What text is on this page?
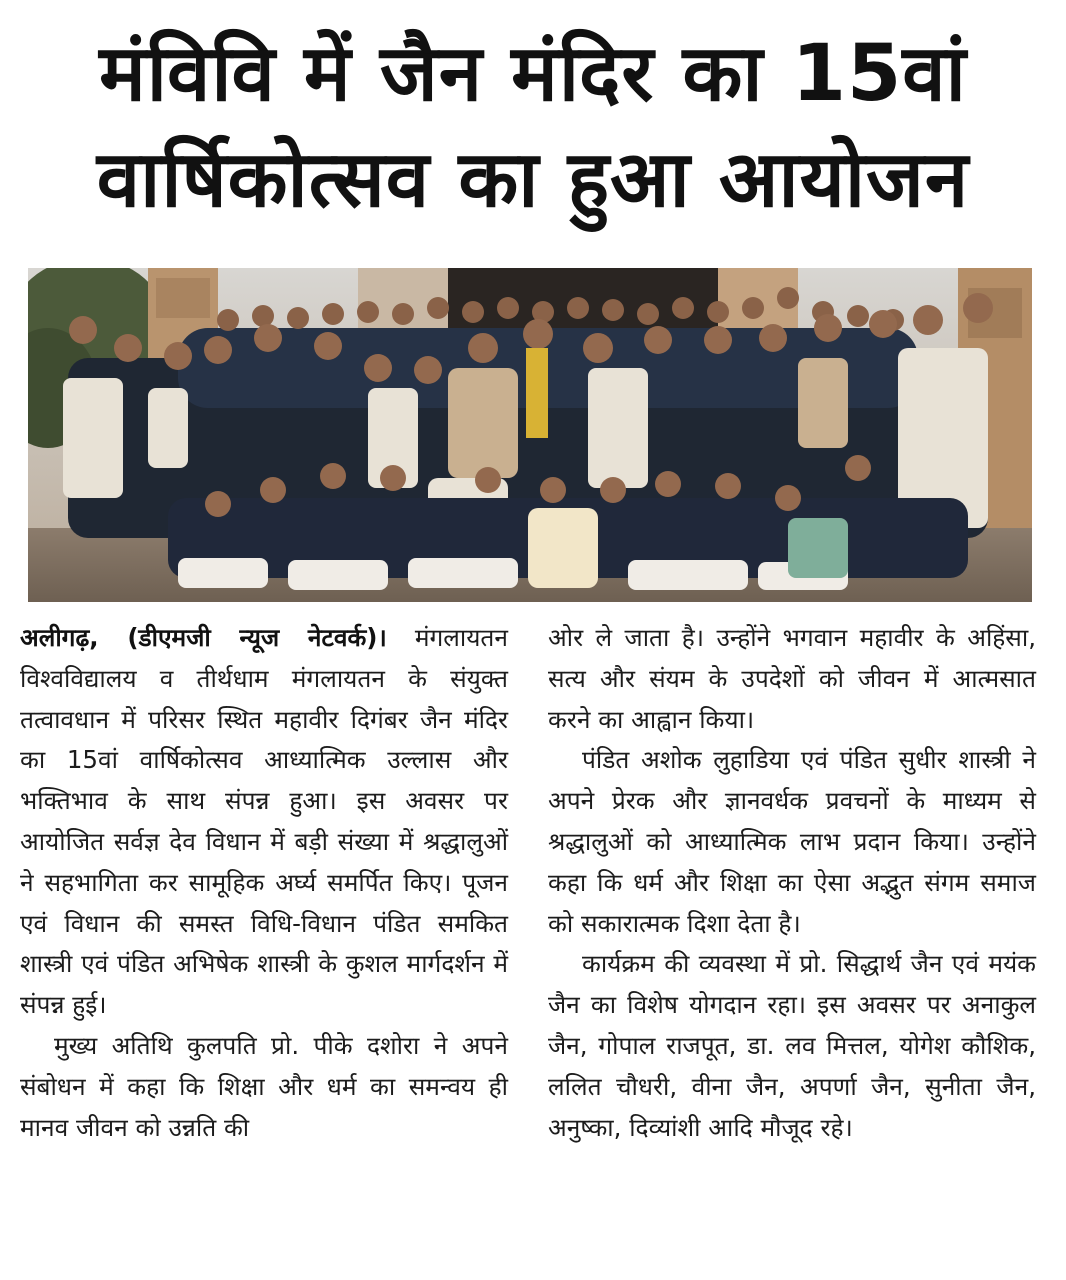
मंविवि में जैन मंदिर का 15वां
वार्षिकोत्सव का हुआ आयोजन

अलीगढ़, (डीएमजी न्यूज नेटवर्क)। मंगलायतन विश्वविद्यालय व तीर्थधाम मंगलायतन के संयुक्त तत्वावधान में परिसर स्थित महावीर दिगंबर जैन मंदिर का 15वां वार्षिकोत्सव आध्यात्मिक उल्लास और भक्तिभाव के साथ संपन्न हुआ। इस अवसर पर आयोजित सर्वज्ञ देव विधान में बड़ी संख्या में श्रद्धालुओं ने सहभागिता कर सामूहिक अर्घ्य समर्पित किए। पूजन एवं विधान की समस्त विधि-विधान पंडित समकित शास्त्री एवं पंडित अभिषेक शास्त्री के कुशल मार्गदर्शन में संपन्न हुई।

मुख्य अतिथि कुलपति प्रो. पीके दशोरा ने अपने संबोधन में कहा कि शिक्षा और धर्म का समन्वय ही मानव जीवन को उन्नति की

ओर ले जाता है। उन्होंने भगवान महावीर के अहिंसा, सत्य और संयम के उपदेशों को जीवन में आत्मसात करने का आह्वान किया।

पंडित अशोक लुहाडिया एवं पंडित सुधीर शास्त्री ने अपने प्रेरक और ज्ञानवर्धक प्रवचनों के माध्यम से श्रद्धालुओं को आध्यात्मिक लाभ प्रदान किया। उन्होंने कहा कि धर्म और शिक्षा का ऐसा अद्भुत संगम समाज को सकारात्मक दिशा देता है।

कार्यक्रम की व्यवस्था में प्रो. सिद्धार्थ जैन एवं मयंक जैन का विशेष योगदान रहा। इस अवसर पर अनाकुल जैन, गोपाल राजपूत, डा. लव मित्तल, योगेश कौशिक, ललित चौधरी, वीना जैन, अपर्णा जैन, सुनीता जैन, अनुष्का, दिव्यांशी आदि मौजूद रहे।
